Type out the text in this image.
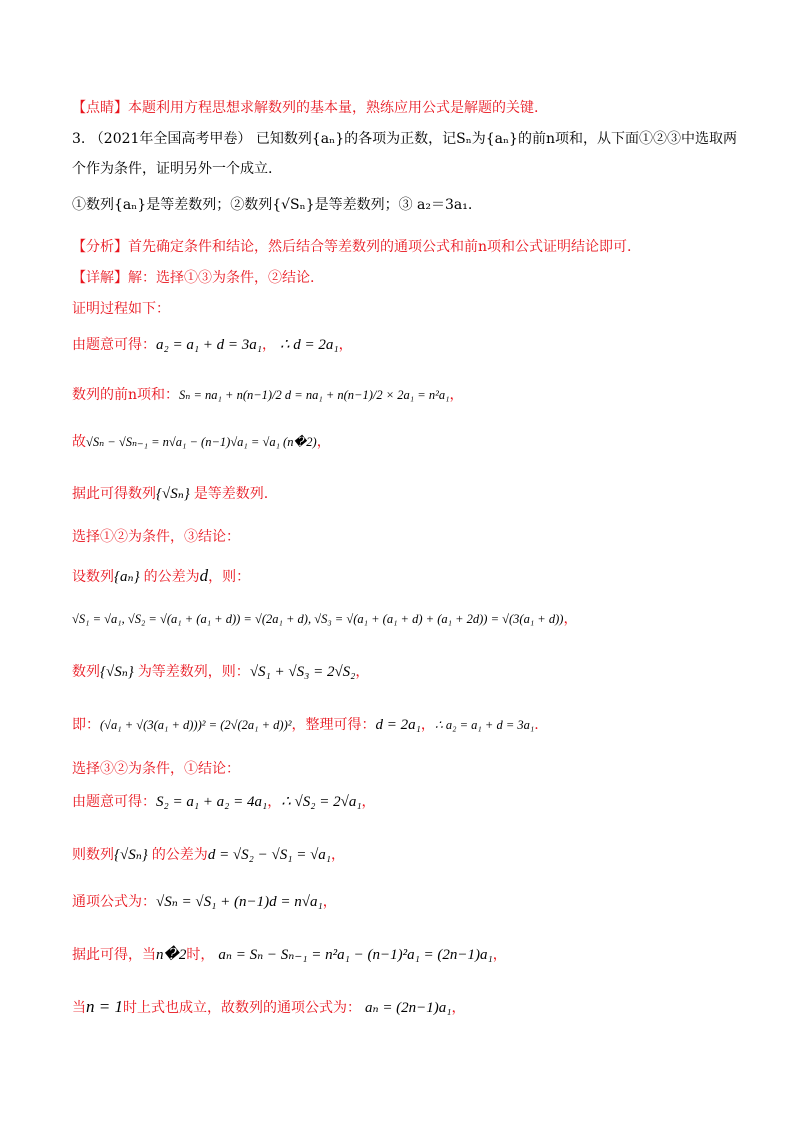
【点睛】本题利用方程思想求解数列的基本量，熟练应用公式是解题的关键.
3. （2021年全国高考甲卷） 已知数列{aₙ}的各项为正数，记Sₙ为{aₙ}的前n项和，从下面①②③中选取两
个作为条件，证明另外一个成立.
①数列{aₙ}是等差数列；②数列{√Sₙ}是等差数列；③ a₂＝3a₁.
【分析】首先确定条件和结论，然后结合等差数列的通项公式和前n项和公式证明结论即可.
【详解】解：选择①③为条件，②结论.
证明过程如下：
由题意可得：a₂ = a₁ + d = 3a₁， ∴ d = 2a₁，
数列的前n项和：Sₙ = na₁ + n(n−1)/2 d = na₁ + n(n−1)/2 × 2a₁ = n²a₁，
故√Sₙ − √Sₙ₋₁ = n√a₁ − (n−1)√a₁ = √a₁ (n�2)，
据此可得数列{√Sₙ} 是等差数列.
选择①②为条件，③结论：
设数列{aₙ} 的公差为d，则：
√S₁ = √a₁, √S₂ = √(a₁ + (a₁ + d)) = √(2a₁ + d), √S₃ = √(a₁ + (a₁ + d) + (a₁ + 2d)) = √(3(a₁ + d))，
数列{√Sₙ} 为等差数列，则：√S₁ + √S₃ = 2√S₂，
即：(√a₁ + √(3(a₁ + d)))² = (2√(2a₁ + d))²，整理可得：d = 2a₁，∴ a₂ = a₁ + d = 3a₁.
选择③②为条件，①结论：
由题意可得：S₂ = a₁ + a₂ = 4a₁，∴ √S₂ = 2√a₁，
则数列{√Sₙ} 的公差为d = √S₂ − √S₁ = √a₁，
通项公式为：√Sₙ = √S₁ + (n−1)d = n√a₁，
据此可得，当n�2时， aₙ = Sₙ − Sₙ₋₁ = n²a₁ − (n−1)²a₁ = (2n−1)a₁，
当n = 1时上式也成立，故数列的通项公式为： aₙ = (2n−1)a₁，
